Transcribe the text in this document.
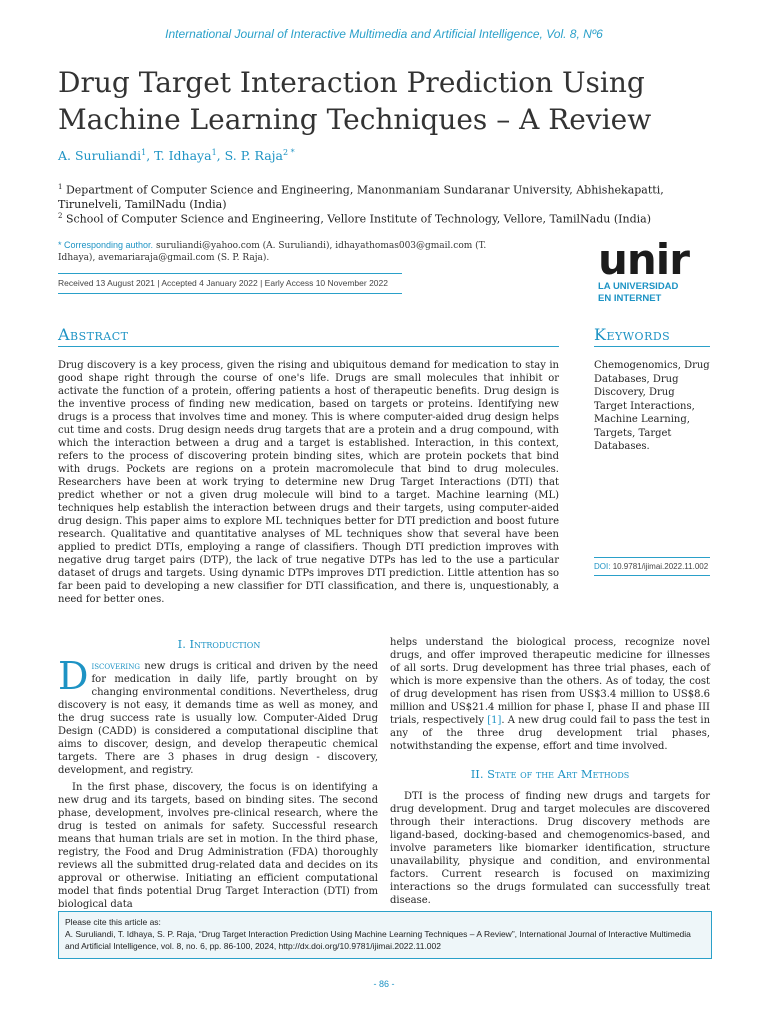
International Journal of Interactive Multimedia and Artificial Intelligence, Vol. 8, Nº6
Drug Target Interaction Prediction Using Machine Learning Techniques – A Review
A. Suruliandi$^1$, T. Idhaya$^1$, S. P. Raja$^{2 *}$
$^1$ Department of Computer Science and Engineering, Manonmaniam Sundaranar University, Abhishekapatti, Tirunelveli, TamilNadu (India)
$^2$ School of Computer Science and Engineering, Vellore Institute of Technology, Vellore, TamilNadu (India)
* Corresponding author. suruliandi@yahoo.com (A. Suruliandi), idhayathomas003@gmail.com (T. Idhaya), avemariaraja@gmail.com (S. P. Raja).
Received 13 August 2021 | Accepted 4 January 2022 | Early Access 10 November 2022	unir
LA UNIVERSIDAD
EN INTERNET
Abstract	Keywords
Drug discovery is a key process, given the rising and ubiquitous demand for medication to stay in good shape right through the course of one's life. Drugs are small molecules that inhibit or activate the function of a protein, offering patients a host of therapeutic benefits. Drug design is the inventive process of finding new medication, based on targets or proteins. Identifying new drugs is a process that involves time and money. This is where computer-aided drug design helps cut time and costs. Drug design needs drug targets that are a protein and a drug compound, with which the interaction between a drug and a target is established. Interaction, in this context, refers to the process of discovering protein binding sites, which are protein pockets that bind with drugs. Pockets are regions on a protein macromolecule that bind to drug molecules. Researchers have been at work trying to determine new Drug Target Interactions (DTI) that predict whether or not a given drug molecule will bind to a target. Machine learning (ML) techniques help establish the interaction between drugs and their targets, using computer-aided drug design. This paper aims to explore ML techniques better for DTI prediction and boost future research. Qualitative and quantitative analyses of ML techniques show that several have been applied to predict DTIs, employing a range of classifiers. Though DTI prediction improves with negative drug target pairs (DTP), the lack of true negative DTPs has led to the use a particular dataset of drugs and targets. Using dynamic DTPs improves DTI prediction. Little attention has so far been paid to developing a new classifier for DTI classification, and there is, unquestionably, a need for better ones.
Chemogenomics, Drug Databases, Drug Discovery, Drug Target Interactions, Machine Learning, Targets, Target Databases.
DOI: 10.9781/ijimai.2022.11.002
I. Introduction

Discovering new drugs is critical and driven by the need for medication in daily life, partly brought on by changing environmental conditions. Nevertheless, drug discovery is not easy, it demands time as well as money, and the drug success rate is usually low. Computer-Aided Drug Design (CADD) is considered a computational discipline that aims to discover, design, and develop therapeutic chemical targets. There are 3 phases in drug design - discovery, development, and registry.

In the first phase, discovery, the focus is on identifying a new drug and its targets, based on binding sites. The second phase, development, involves pre-clinical research, where the drug is tested on animals for safety. Successful research means that human trials are set in motion. In the third phase, registry, the Food and Drug Administration (FDA) thoroughly reviews all the submitted drug-related data and decides on its approval or otherwise. Initiating an efficient computational model that finds potential Drug Target Interaction (DTI) from biological data

helps understand the biological process, recognize novel drugs, and offer improved therapeutic medicine for illnesses of all sorts. Drug development has three trial phases, each of which is more expensive than the others. As of today, the cost of drug development has risen from US$3.4 million to US$8.6 million and US$21.4 million for phase I, phase II and phase III trials, respectively [1]. A new drug could fail to pass the test in any of the three drug development trial phases, notwithstanding the expense, effort and time involved.

II. State of the Art Methods

DTI is the process of finding new drugs and targets for drug development. Drug and target molecules are discovered through their interactions. Drug discovery methods are ligand-based, docking-based and chemogenomics-based, and involve parameters like biomarker identification, structure unavailability, physique and condition, and environmental factors. Current research is focused on maximizing interactions so the drugs formulated can successfully treat disease.

Please cite this article as:
A. Suruliandi, T. Idhaya, S. P. Raja, “Drug Target Interaction Prediction Using Machine Learning Techniques – A Review”, International Journal of Interactive Multimedia and Artificial Intelligence, vol. 8, no. 6, pp. 86-100, 2024, http://dx.doi.org/10.9781/ijimai.2022.11.002
- 86 -
